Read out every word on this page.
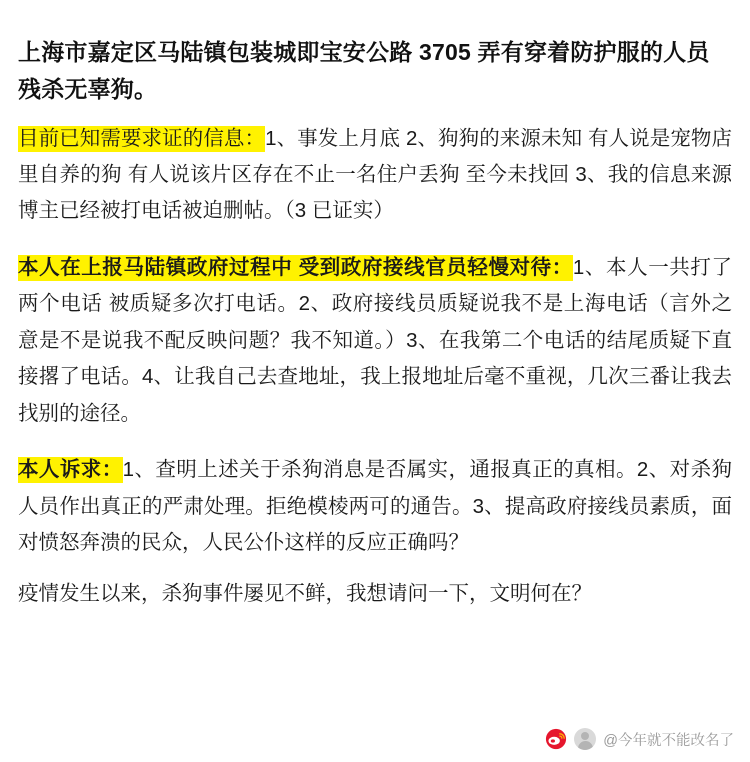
上海市嘉定区马陆镇包装城即宝安公路 3705 弄有穿着防护服的人员残杀无辜狗。

目前已知需要求证的信息：1、事发上月底 2、狗狗的来源未知 有人说是宠物店里自养的狗 有人说该片区存在不止一名住户丢狗 至今未找回 3、我的信息来源博主已经被打电话被迫删帖。（3 已证实）

本人在上报马陆镇政府过程中 受到政府接线官员轻慢对待：1、本人一共打了两个电话 被质疑多次打电话。2、政府接线员质疑说我不是上海电话（言外之意是不是说我不配反映问题？我不知道。）3、在我第二个电话的结尾质疑下直接撂了电话。4、让我自己去查地址，我上报地址后毫不重视，几次三番让我去找别的途径。

本人诉求：1、查明上述关于杀狗消息是否属实，通报真正的真相。2、对杀狗人员作出真正的严肃处理。拒绝模棱两可的通告。3、提高政府接线员素质，面对愤怒奔溃的民众，人民公仆这样的反应正确吗？

疫情发生以来，杀狗事件屡见不鲜，我想请问一下，文明何在？

@今年就不能改名了
